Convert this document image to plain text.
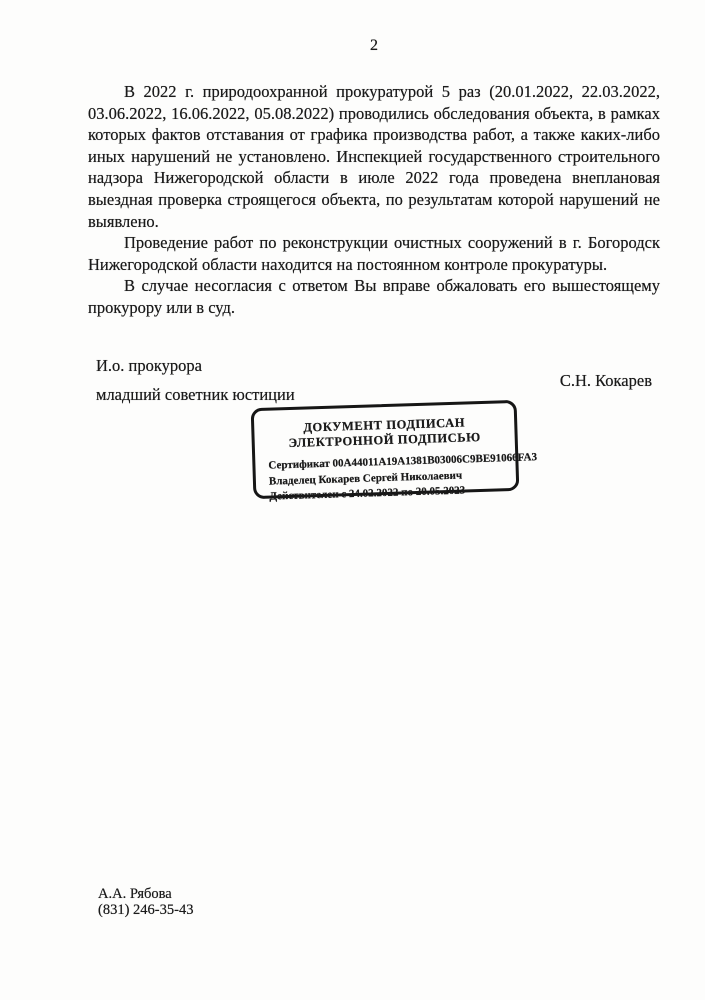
2

В 2022 г. природоохранной прокуратурой 5 раз (20.01.2022, 22.03.2022, 03.06.2022, 16.06.2022, 05.08.2022) проводились обследования объекта, в рамках которых фактов отставания от графика производства работ, а также каких-либо иных нарушений не установлено. Инспекцией государственного строительного надзора Нижегородской области в июле 2022 года проведена внеплановая выездная проверка строящегося объекта, по результатам которой нарушений не выявлено.

Проведение работ по реконструкции очистных сооружений в г. Богородск Нижегородской области находится на постоянном контроле прокуратуры.

В случае несогласия с ответом Вы вправе обжаловать его вышестоящему прокурору или в суд.

И.о. прокурора
младший советник юстиции
С.Н. Кокарев
ДОКУМЕНТ ПОДПИСАН
ЭЛЕКТРОННОЙ ПОДПИСЬЮ
Сертификат 00A44011A19A1381B03006C9BE91066FA3
Владелец Кокарев Сергей Николаевич
Действителен с 24.02.2022 по 20.05.2023
А.А. Рябова
(831) 246-35-43
